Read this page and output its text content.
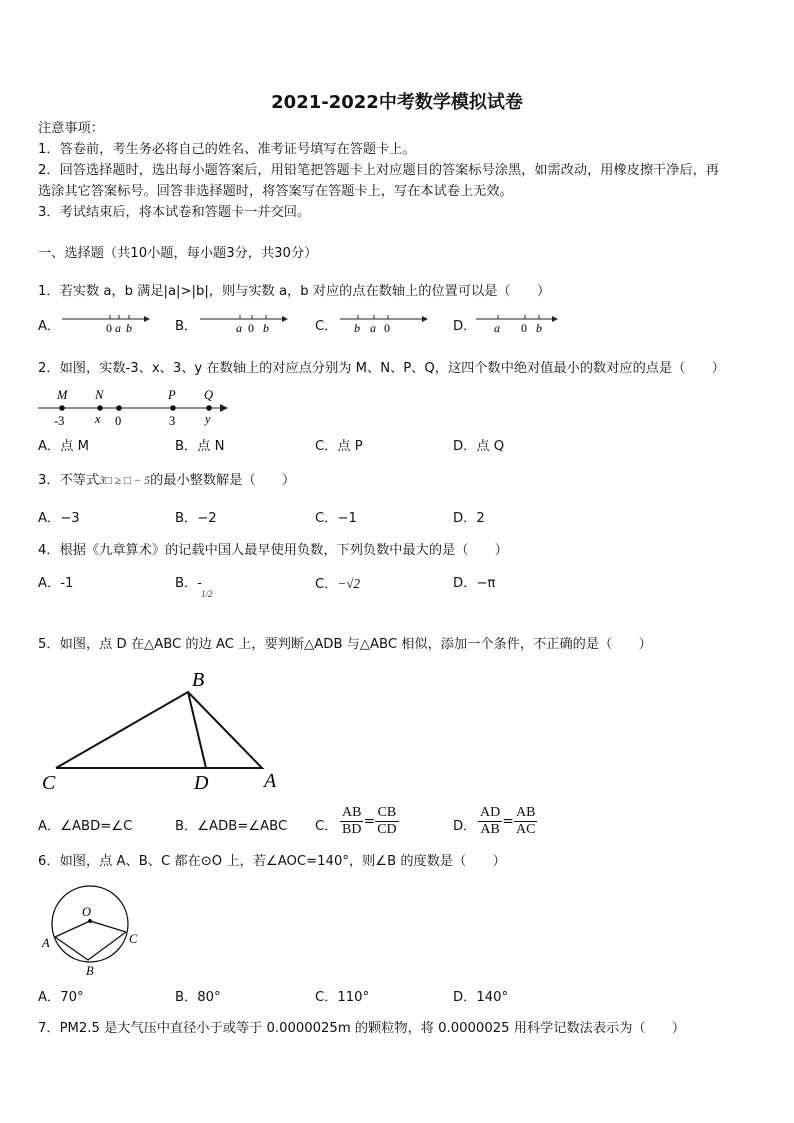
2021-2022中考数学模拟试卷
注意事项：
1．答卷前，考生务必将自己的姓名、准考证号填写在答题卡上。
2．回答选择题时，选出每小题答案后，用铅笔把答题卡上对应题目的答案标号涂黑，如需改动，用橡皮擦干净后，再
选涂其它答案标号。回答非选择题时，将答案写在答题卡上，写在本试卷上无效。
3．考试结束后，将本试卷和答题卡一并交回。
一、选择题（共10小题，每小题3分，共30分）
1．若实数 a，b 满足|a|>|b|，则与实数 a，b 对应的点在数轴上的位置可以是（　　）
A．	0 a b	B．	a 0 b	C． b a 0	D． a 0 b
2．如图，实数-3、x、3、y 在数轴上的对应点分别为 M、N、P、Q，这四个数中绝对值最小的数对应的点是（　　）
M N	P Q
-3 x 0	3 y
A．点 M	B．点 N	C．点 P	D．点 Q
3．不等式3□ ≥ □ − 5的最小整数解是（　　）
A．−3	B．−2	C．−1	D．2
4．根据《九章算术》的记载中国人最早使用负数，下列负数中最大的是（　　）
A．-1	B．-
1/2
C．−√2	D．−π
5．如图，点 D 在△ABC 的边 AC 上，要判断△ADB 与△ABC 相似，添加一个条件，不正确的是（　　）
B
C	D	A
A．∠ABD=∠C	B．∠ADB=∠ABC C． $\frac{AB}{BD} = \frac{CB}{CD}$	D． $\frac{AD}{AB} = \frac{AB}{AC}$
6．如图，点 A、B、C 都在⊙O 上，若∠AOC=140°，则∠B 的度数是（　　）
O
A
B
C
A．70°	B．80°	C．110°	D．140°
7．PM2.5 是大气压中直径小于或等于 0.0000025m 的颗粒物，将 0.0000025 用科学记数法表示为（　　）
